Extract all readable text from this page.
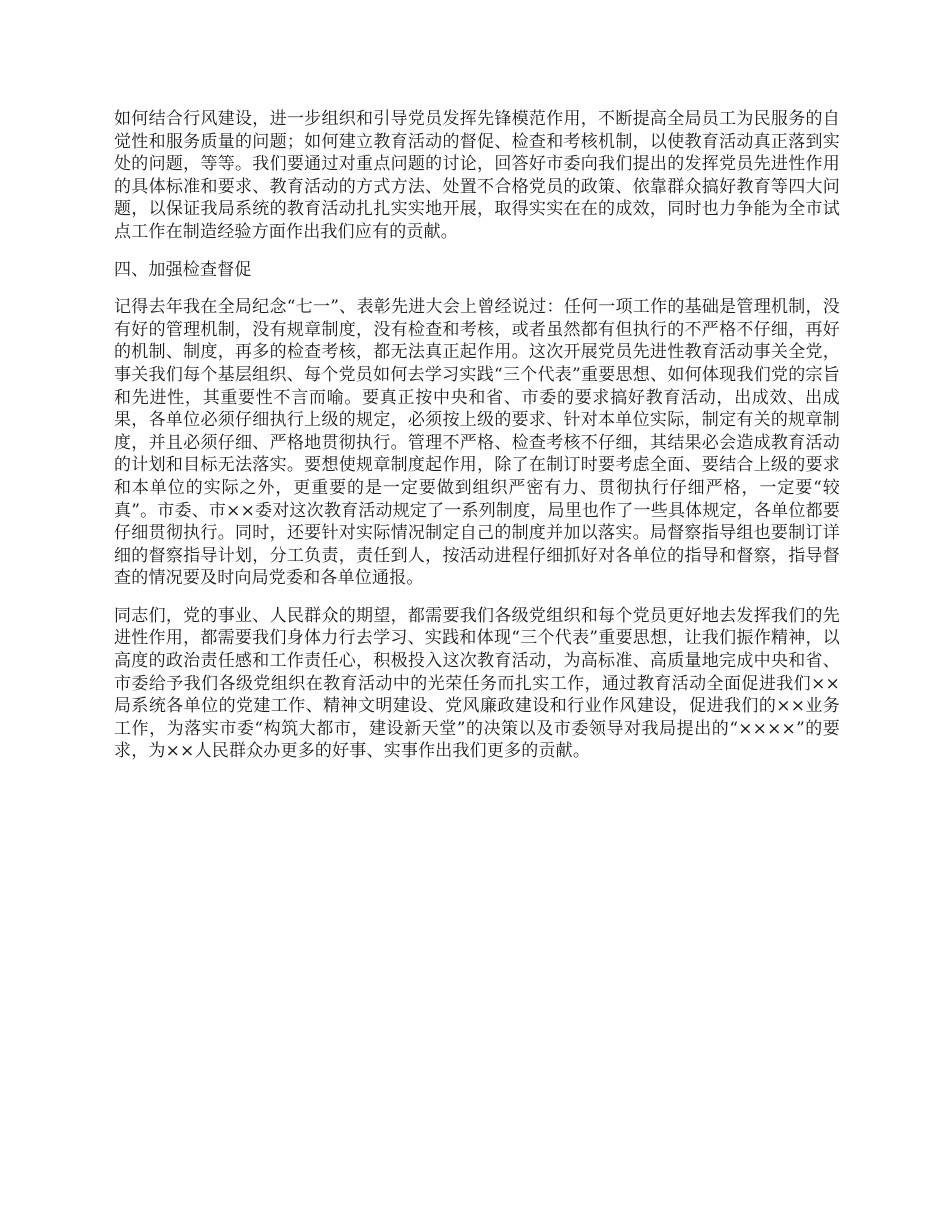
如何结合行风建设，进一步组织和引导党员发挥先锋模范作用，不断提高全局员工为民服务的自觉性和服务质量的问题；如何建立教育活动的督促、检查和考核机制，以使教育活动真正落到实处的问题，等等。我们要通过对重点问题的讨论，回答好市委向我们提出的发挥党员先进性作用的具体标准和要求、教育活动的方式方法、处置不合格党员的政策、依靠群众搞好教育等四大问题，以保证我局系统的教育活动扎扎实实地开展，取得实实在在的成效，同时也力争能为全市试点工作在制造经验方面作出我们应有的贡献。

四、加强检查督促

记得去年我在全局纪念“七一”、表彰先进大会上曾经说过：任何一项工作的基础是管理机制，没有好的管理机制，没有规章制度，没有检查和考核，或者虽然都有但执行的不严格不仔细，再好的机制、制度，再多的检查考核，都无法真正起作用。这次开展党员先进性教育活动事关全党，事关我们每个基层组织、每个党员如何去学习实践“三个代表”重要思想、如何体现我们党的宗旨和先进性，其重要性不言而喻。要真正按中央和省、市委的要求搞好教育活动，出成效、出成果，各单位必须仔细执行上级的规定，必须按上级的要求、针对本单位实际，制定有关的规章制度，并且必须仔细、严格地贯彻执行。管理不严格、检查考核不仔细，其结果必会造成教育活动的计划和目标无法落实。要想使规章制度起作用，除了在制订时要考虑全面、要结合上级的要求和本单位的实际之外，更重要的是一定要做到组织严密有力、贯彻执行仔细严格，一定要“较真”。市委、市××委对这次教育活动规定了一系列制度，局里也作了一些具体规定，各单位都要仔细贯彻执行。同时，还要针对实际情况制定自己的制度并加以落实。局督察指导组也要制订详细的督察指导计划，分工负责，责任到人，按活动进程仔细抓好对各单位的指导和督察，指导督查的情况要及时向局党委和各单位通报。

同志们，党的事业、人民群众的期望，都需要我们各级党组织和每个党员更好地去发挥我们的先进性作用，都需要我们身体力行去学习、实践和体现“三个代表”重要思想，让我们振作精神，以高度的政治责任感和工作责任心，积极投入这次教育活动，为高标准、高质量地完成中央和省、市委给予我们各级党组织在教育活动中的光荣任务而扎实工作，通过教育活动全面促进我们××局系统各单位的党建工作、精神文明建设、党风廉政建设和行业作风建设，促进我们的××业务工作，为落实市委“构筑大都市，建设新天堂”的决策以及市委领导对我局提出的“××××”的要求，为××人民群众办更多的好事、实事作出我们更多的贡献。
